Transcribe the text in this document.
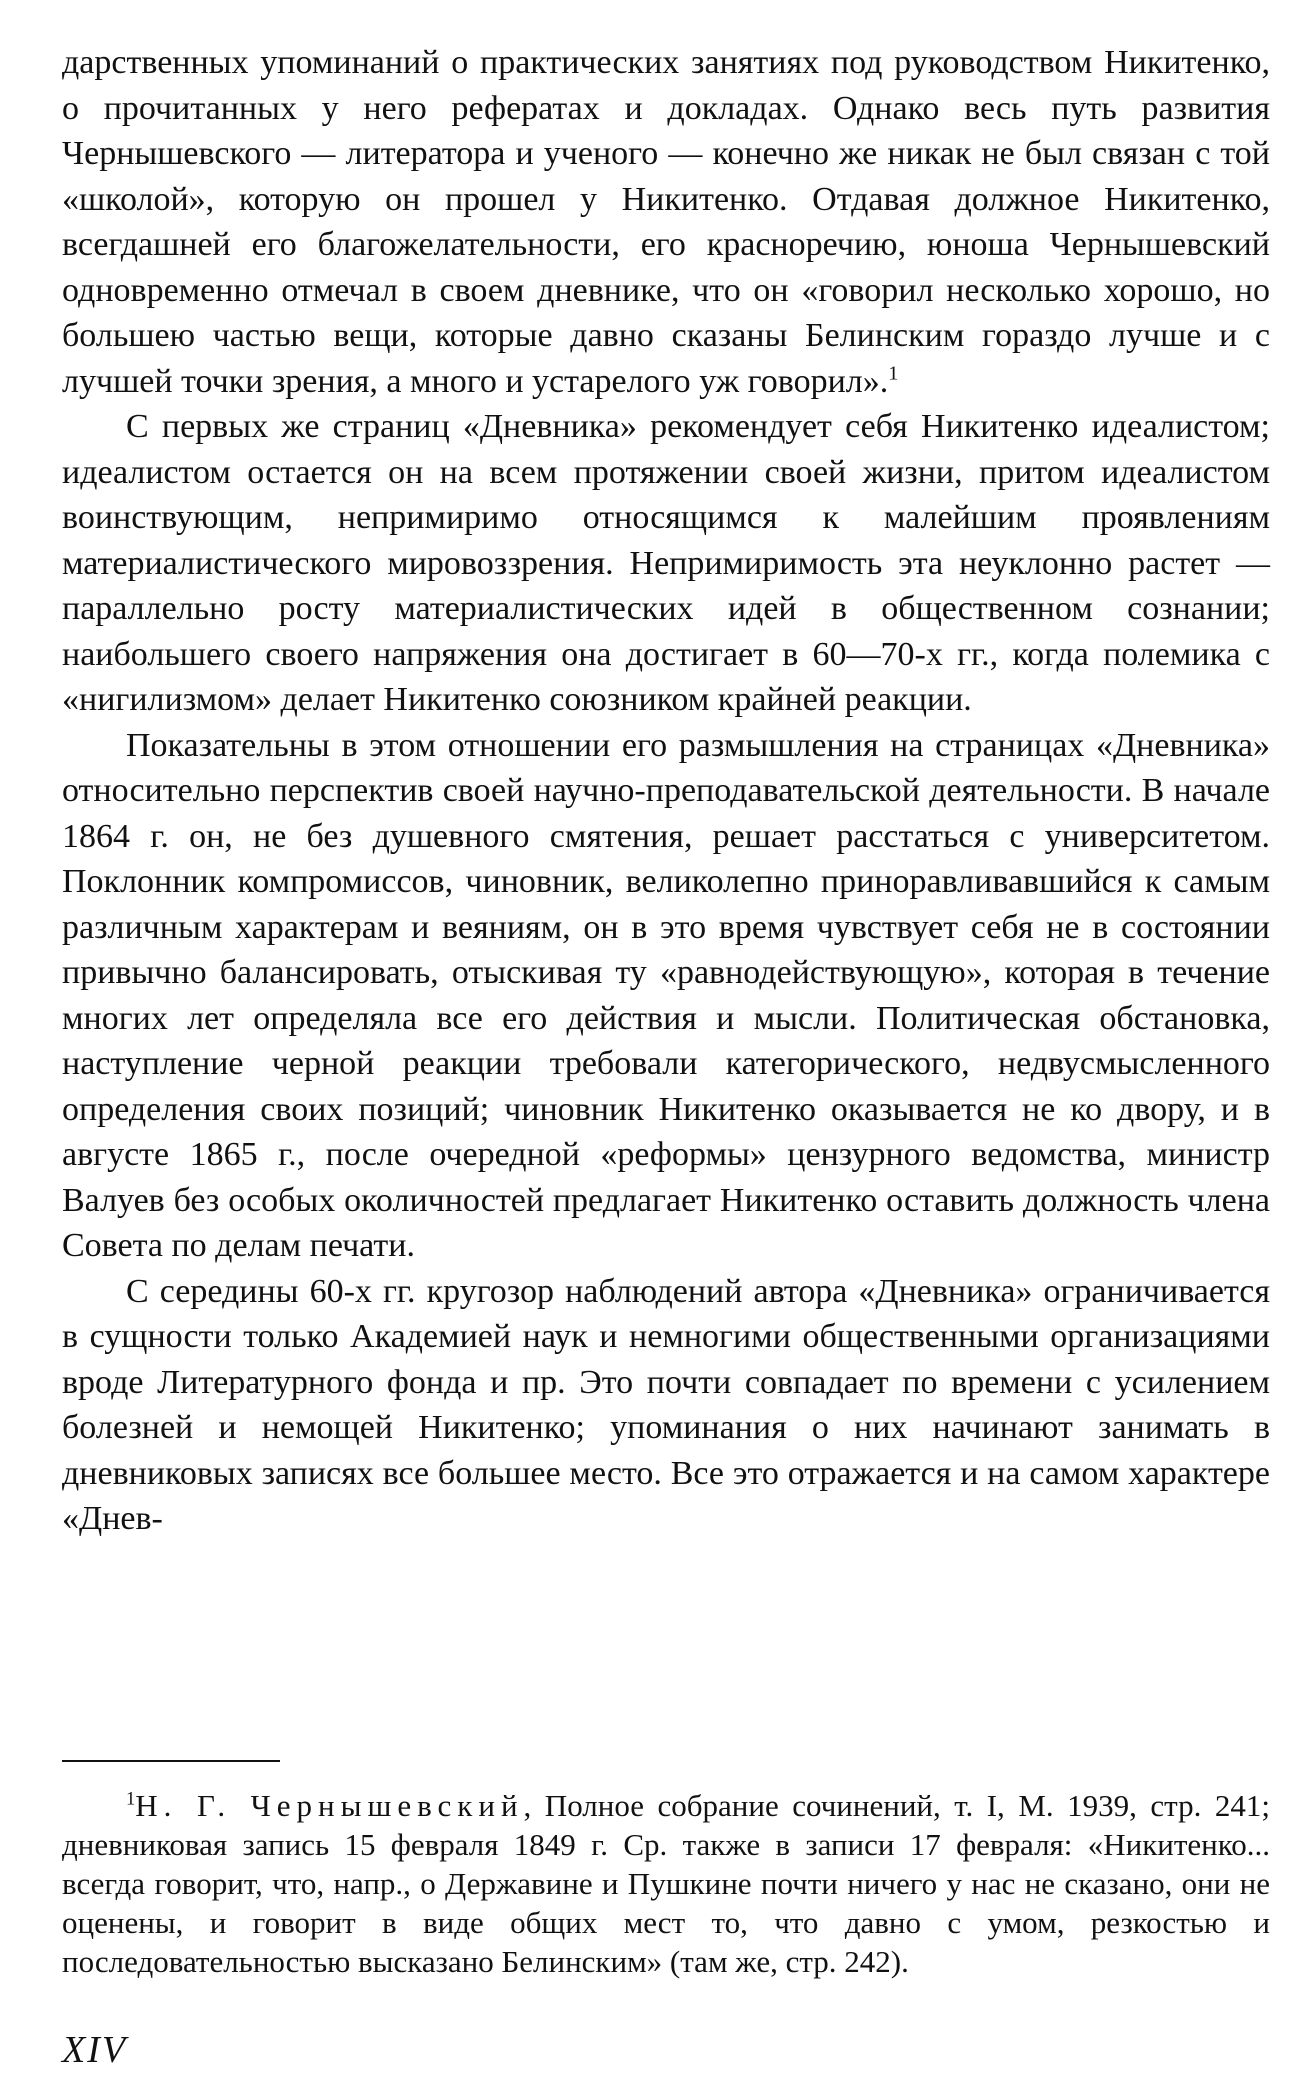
дарственных упоминаний о практических занятиях под руководством Никитенко, о прочитанных у него рефератах и докладах. Однако весь путь развития Чернышевского — литератора и ученого — конечно же никак не был связан с той «школой», которую он прошел у Никитенко. Отдавая должное Никитенко, всегдашней его благожелательности, его красноречию, юноша Чернышевский одновременно отмечал в своем дневнике, что он «говорил несколько хорошо, но большею частью вещи, которые давно сказаны Белинским гораздо лучше и с лучшей точки зрения, а много и устарелого уж говорил».$^1$

С первых же страниц «Дневника» рекомендует себя Никитенко идеалистом; идеалистом остается он на всем протяжении своей жизни, притом идеалистом воинствующим, непримиримо относящимся к малейшим проявлениям материалистического мировоззрения. Непримиримость эта неуклонно растет — параллельно росту материалистических идей в общественном сознании; наибольшего своего напряжения она достигает в 60—70-х гг., когда полемика с «нигилизмом» делает Никитенко союзником крайней реакции.

Показательны в этом отношении его размышления на страницах «Дневника» относительно перспектив своей научно-преподавательской деятельности. В начале 1864 г. он, не без душевного смятения, решает расстаться с университетом. Поклонник компромиссов, чиновник, великолепно приноравливавшийся к самым различным характерам и веяниям, он в это время чувствует себя не в состоянии привычно балансировать, отыскивая ту «равнодействующую», которая в течение многих лет определяла все его действия и мысли. Политическая обстановка, наступление черной реакции требовали категорического, недвусмысленного определения своих позиций; чиновник Никитенко оказывается не ко двору, и в августе 1865 г., после очередной «реформы» цензурного ведомства, министр Валуев без особых околичностей предлагает Никитенко оставить должность члена Совета по делам печати.

С середины 60-х гг. кругозор наблюдений автора «Дневника» ограничивается в сущности только Академией наук и немногими общественными организациями вроде Литературного фонда и пр. Это почти совпадает по времени с усилением болезней и немощей Никитенко; упоминания о них начинают занимать в дневниковых записях все большее место. Все это отражается и на самом характере «Днев-

$^1$Н. Г. Чернышевский, Полное собрание сочинений, т. I, М. 1939, стр. 241; дневниковая запись 15 февраля 1849 г. Ср. также в записи 17 февраля: «Никитенко... всегда говорит, что, напр., о Державине и Пушкине почти ничего у нас не сказано, они не оценены, и говорит в виде общих мест то, что давно с умом, резкостью и последовательностью высказано Белинским» (там же, стр. 242).

XIV
